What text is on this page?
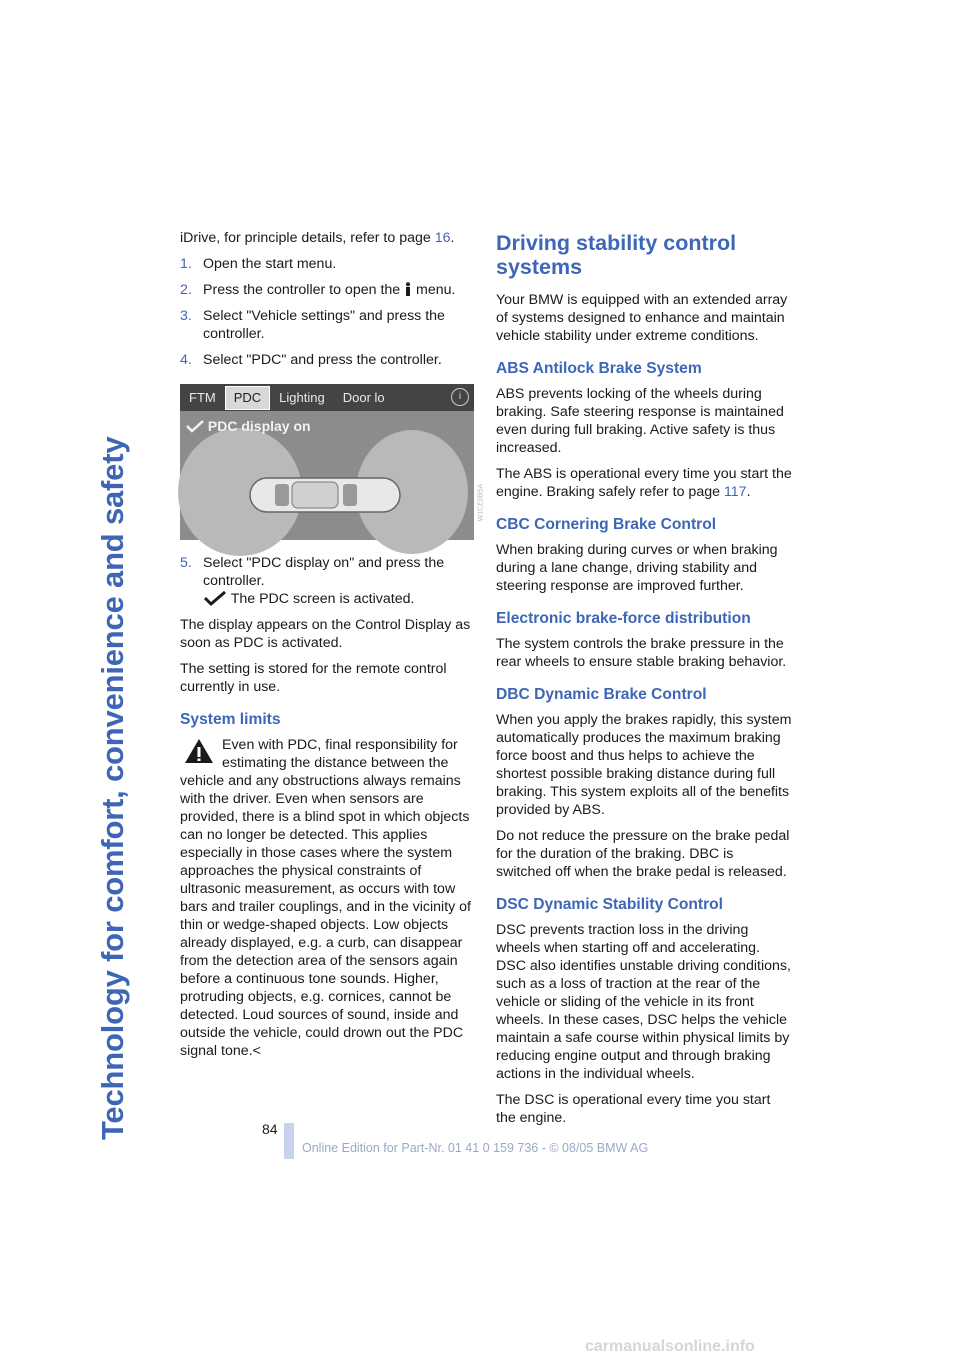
Technology for comfort, convenience and safety

iDrive, for principle details, refer to page 16.

1. Open the start menu.
2. Press the controller to open the  menu.
3. Select "Vehicle settings" and press the controller.
4. Select "PDC" and press the controller.
FTM	PDC	Lighting	Door lo	i
PDC display on
W1CE0B5A
5. Select "PDC display on" and press the controller.
The PDC screen is activated.

The display appears on the Control Display as soon as PDC is activated.

The setting is stored for the remote control currently in use.

System limits
Even with PDC, final responsibility for estimating the distance between the vehicle and any obstructions always remains with the driver. Even when sensors are provided, there is a blind spot in which objects can no longer be detected. This applies especially in those cases where the system approaches the physical constraints of ultrasonic measurement, as occurs with tow bars and trailer couplings, and in the vicinity of thin or wedge-shaped objects. Low objects already displayed, e.g. a curb, can disappear from the detection area of the sensors again before a continuous tone sounds. Higher, protruding objects, e.g. cornices, cannot be detected. Loud sources of sound, inside and outside the vehicle, could drown out the PDC signal tone.<
Driving stability control systems

Your BMW is equipped with an extended array of systems designed to enhance and maintain vehicle stability under extreme conditions.

ABS Antilock Brake System

ABS prevents locking of the wheels during braking. Safe steering response is maintained even during full braking. Active safety is thus increased.

The ABS is operational every time you start the engine. Braking safely refer to page 117.

CBC Cornering Brake Control

When braking during curves or when braking during a lane change, driving stability and steering response are improved further.

Electronic brake-force distribution

The system controls the brake pressure in the rear wheels to ensure stable braking behavior.

DBC Dynamic Brake Control

When you apply the brakes rapidly, this system automatically produces the maximum braking force boost and thus helps to achieve the shortest possible braking distance during full braking. This system exploits all of the benefits provided by ABS.

Do not reduce the pressure on the brake pedal for the duration of the braking. DBC is switched off when the brake pedal is released.

DSC Dynamic Stability Control

DSC prevents traction loss in the driving wheels when starting off and accelerating. DSC also identifies unstable driving conditions, such as a loss of traction at the rear of the vehicle or sliding of the vehicle in its front wheels. In these cases, DSC helps the vehicle maintain a safe course within physical limits by reducing engine output and through braking actions in the individual wheels.

The DSC is operational every time you start the engine.

84
Online Edition for Part-Nr. 01 41 0 159 736 - © 08/05 BMW AG
carmanualsonline.info
